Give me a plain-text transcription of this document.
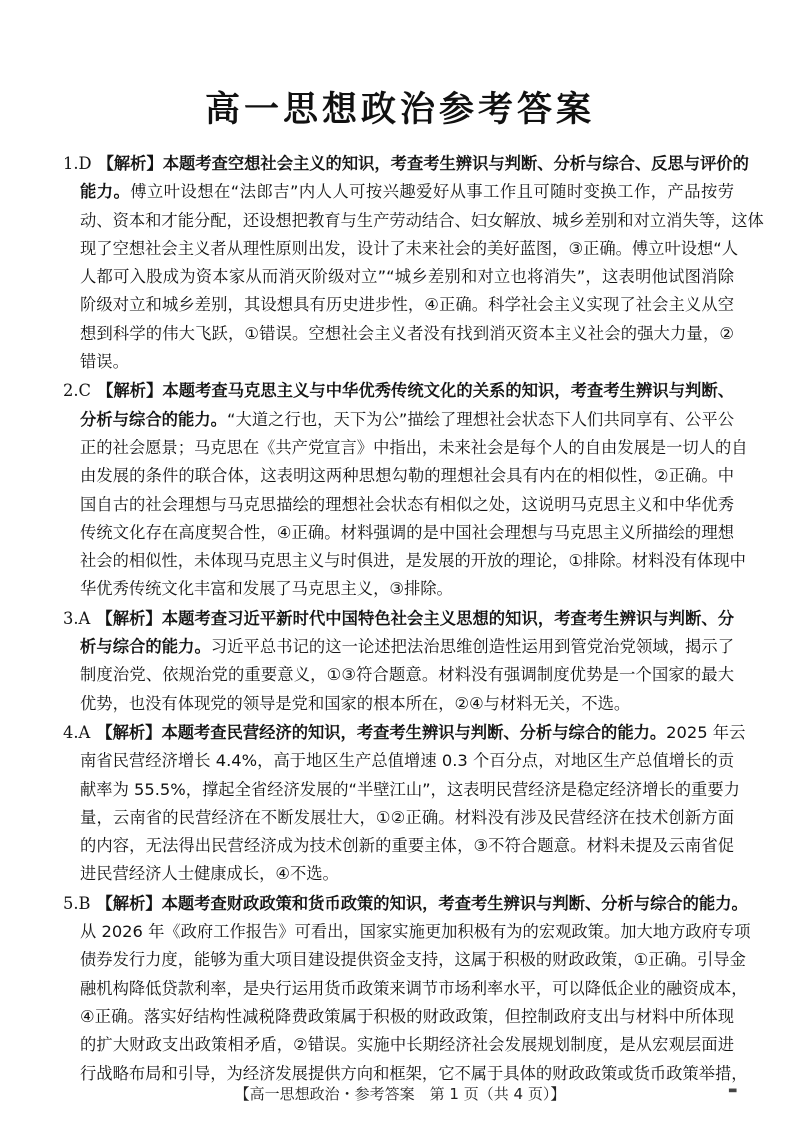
高一思想政治参考答案
1.D 【解析】本题考查空想社会主义的知识，考查考生辨识与判断、分析与综合、反思与评价的
能力。傅立叶设想在“法郎吉”内人人可按兴趣爱好从事工作且可随时变换工作，产品按劳
动、资本和才能分配，还设想把教育与生产劳动结合、妇女解放、城乡差别和对立消失等，这体
现了空想社会主义者从理性原则出发，设计了未来社会的美好蓝图，③正确。傅立叶设想“人
人都可入股成为资本家从而消灭阶级对立”“城乡差别和对立也将消失”，这表明他试图消除
阶级对立和城乡差别，其设想具有历史进步性，④正确。科学社会主义实现了社会主义从空
想到科学的伟大飞跃，①错误。空想社会主义者没有找到消灭资本主义社会的强大力量，②
错误。
2.C 【解析】本题考查马克思主义与中华优秀传统文化的关系的知识，考查考生辨识与判断、
分析与综合的能力。“大道之行也，天下为公”描绘了理想社会状态下人们共同享有、公平公
正的社会愿景；马克思在《共产党宣言》中指出，未来社会是每个人的自由发展是一切人的自
由发展的条件的联合体，这表明这两种思想勾勒的理想社会具有内在的相似性，②正确。中
国自古的社会理想与马克思描绘的理想社会状态有相似之处，这说明马克思主义和中华优秀
传统文化存在高度契合性，④正确。材料强调的是中国社会理想与马克思主义所描绘的理想
社会的相似性，未体现马克思主义与时俱进，是发展的开放的理论，①排除。材料没有体现中
华优秀传统文化丰富和发展了马克思主义，③排除。
3.A 【解析】本题考查习近平新时代中国特色社会主义思想的知识，考查考生辨识与判断、分
析与综合的能力。习近平总书记的这一论述把法治思维创造性运用到管党治党领域，揭示了
制度治党、依规治党的重要意义，①③符合题意。材料没有强调制度优势是一个国家的最大
优势，也没有体现党的领导是党和国家的根本所在，②④与材料无关，不选。
4.A 【解析】本题考查民营经济的知识，考查考生辨识与判断、分析与综合的能力。2025 年云
南省民营经济增长 4.4%，高于地区生产总值增速 0.3 个百分点，对地区生产总值增长的贡
献率为 55.5%，撑起全省经济发展的“半壁江山”，这表明民营经济是稳定经济增长的重要力
量，云南省的民营经济在不断发展壮大，①②正确。材料没有涉及民营经济在技术创新方面
的内容，无法得出民营经济成为技术创新的重要主体，③不符合题意。材料未提及云南省促
进民营经济人士健康成长，④不选。
5.B 【解析】本题考查财政政策和货币政策的知识，考查考生辨识与判断、分析与综合的能力。
从 2026 年《政府工作报告》可看出，国家实施更加积极有为的宏观政策。加大地方政府专项
债券发行力度，能够为重大项目建设提供资金支持，这属于积极的财政政策，①正确。引导金
融机构降低贷款利率，是央行运用货币政策来调节市场利率水平，可以降低企业的融资成本，
④正确。落实好结构性减税降费政策属于积极的财政政策，但控制政府支出与材料中所体现
的扩大财政支出政策相矛盾，②错误。实施中长期经济社会发展规划制度，是从宏观层面进
行战略布局和引导，为经济发展提供方向和框架，它不属于具体的财政政策或货币政策举措，
【高一思想政治・参考答案　第 1 页（共 4 页）】	▬
